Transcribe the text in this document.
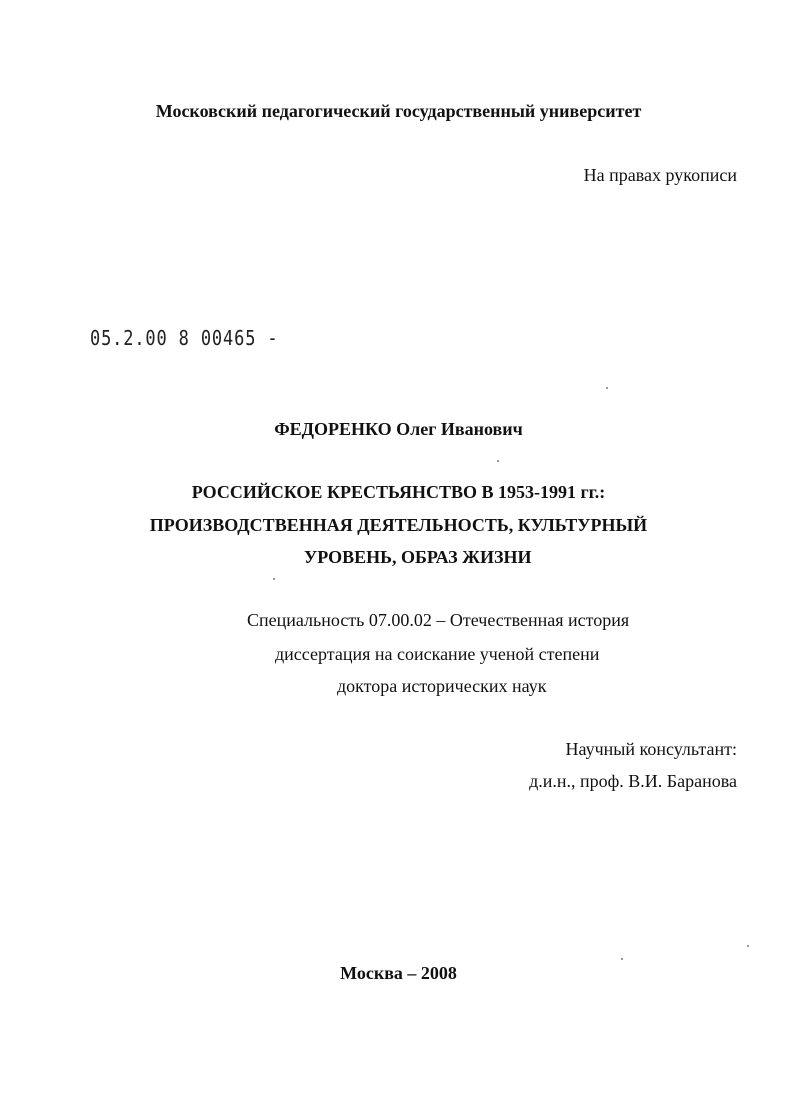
Московский педагогический государственный университет
На правах рукописи
05.2.00 8 00465 -
ФЕДОРЕНКО Олег Иванович
РОССИЙСКОЕ КРЕСТЬЯНСТВО В 1953-1991 гг.:
ПРОИЗВОДСТВЕННАЯ ДЕЯТЕЛЬНОСТЬ, КУЛЬТУРНЫЙ
УРОВЕНЬ, ОБРАЗ ЖИЗНИ
Специальность 07.00.02 – Отечественная история
диссертация на соискание ученой степени
доктора исторических наук
Научный консультант:
д.и.н., проф. В.И. Баранова
Москва – 2008
